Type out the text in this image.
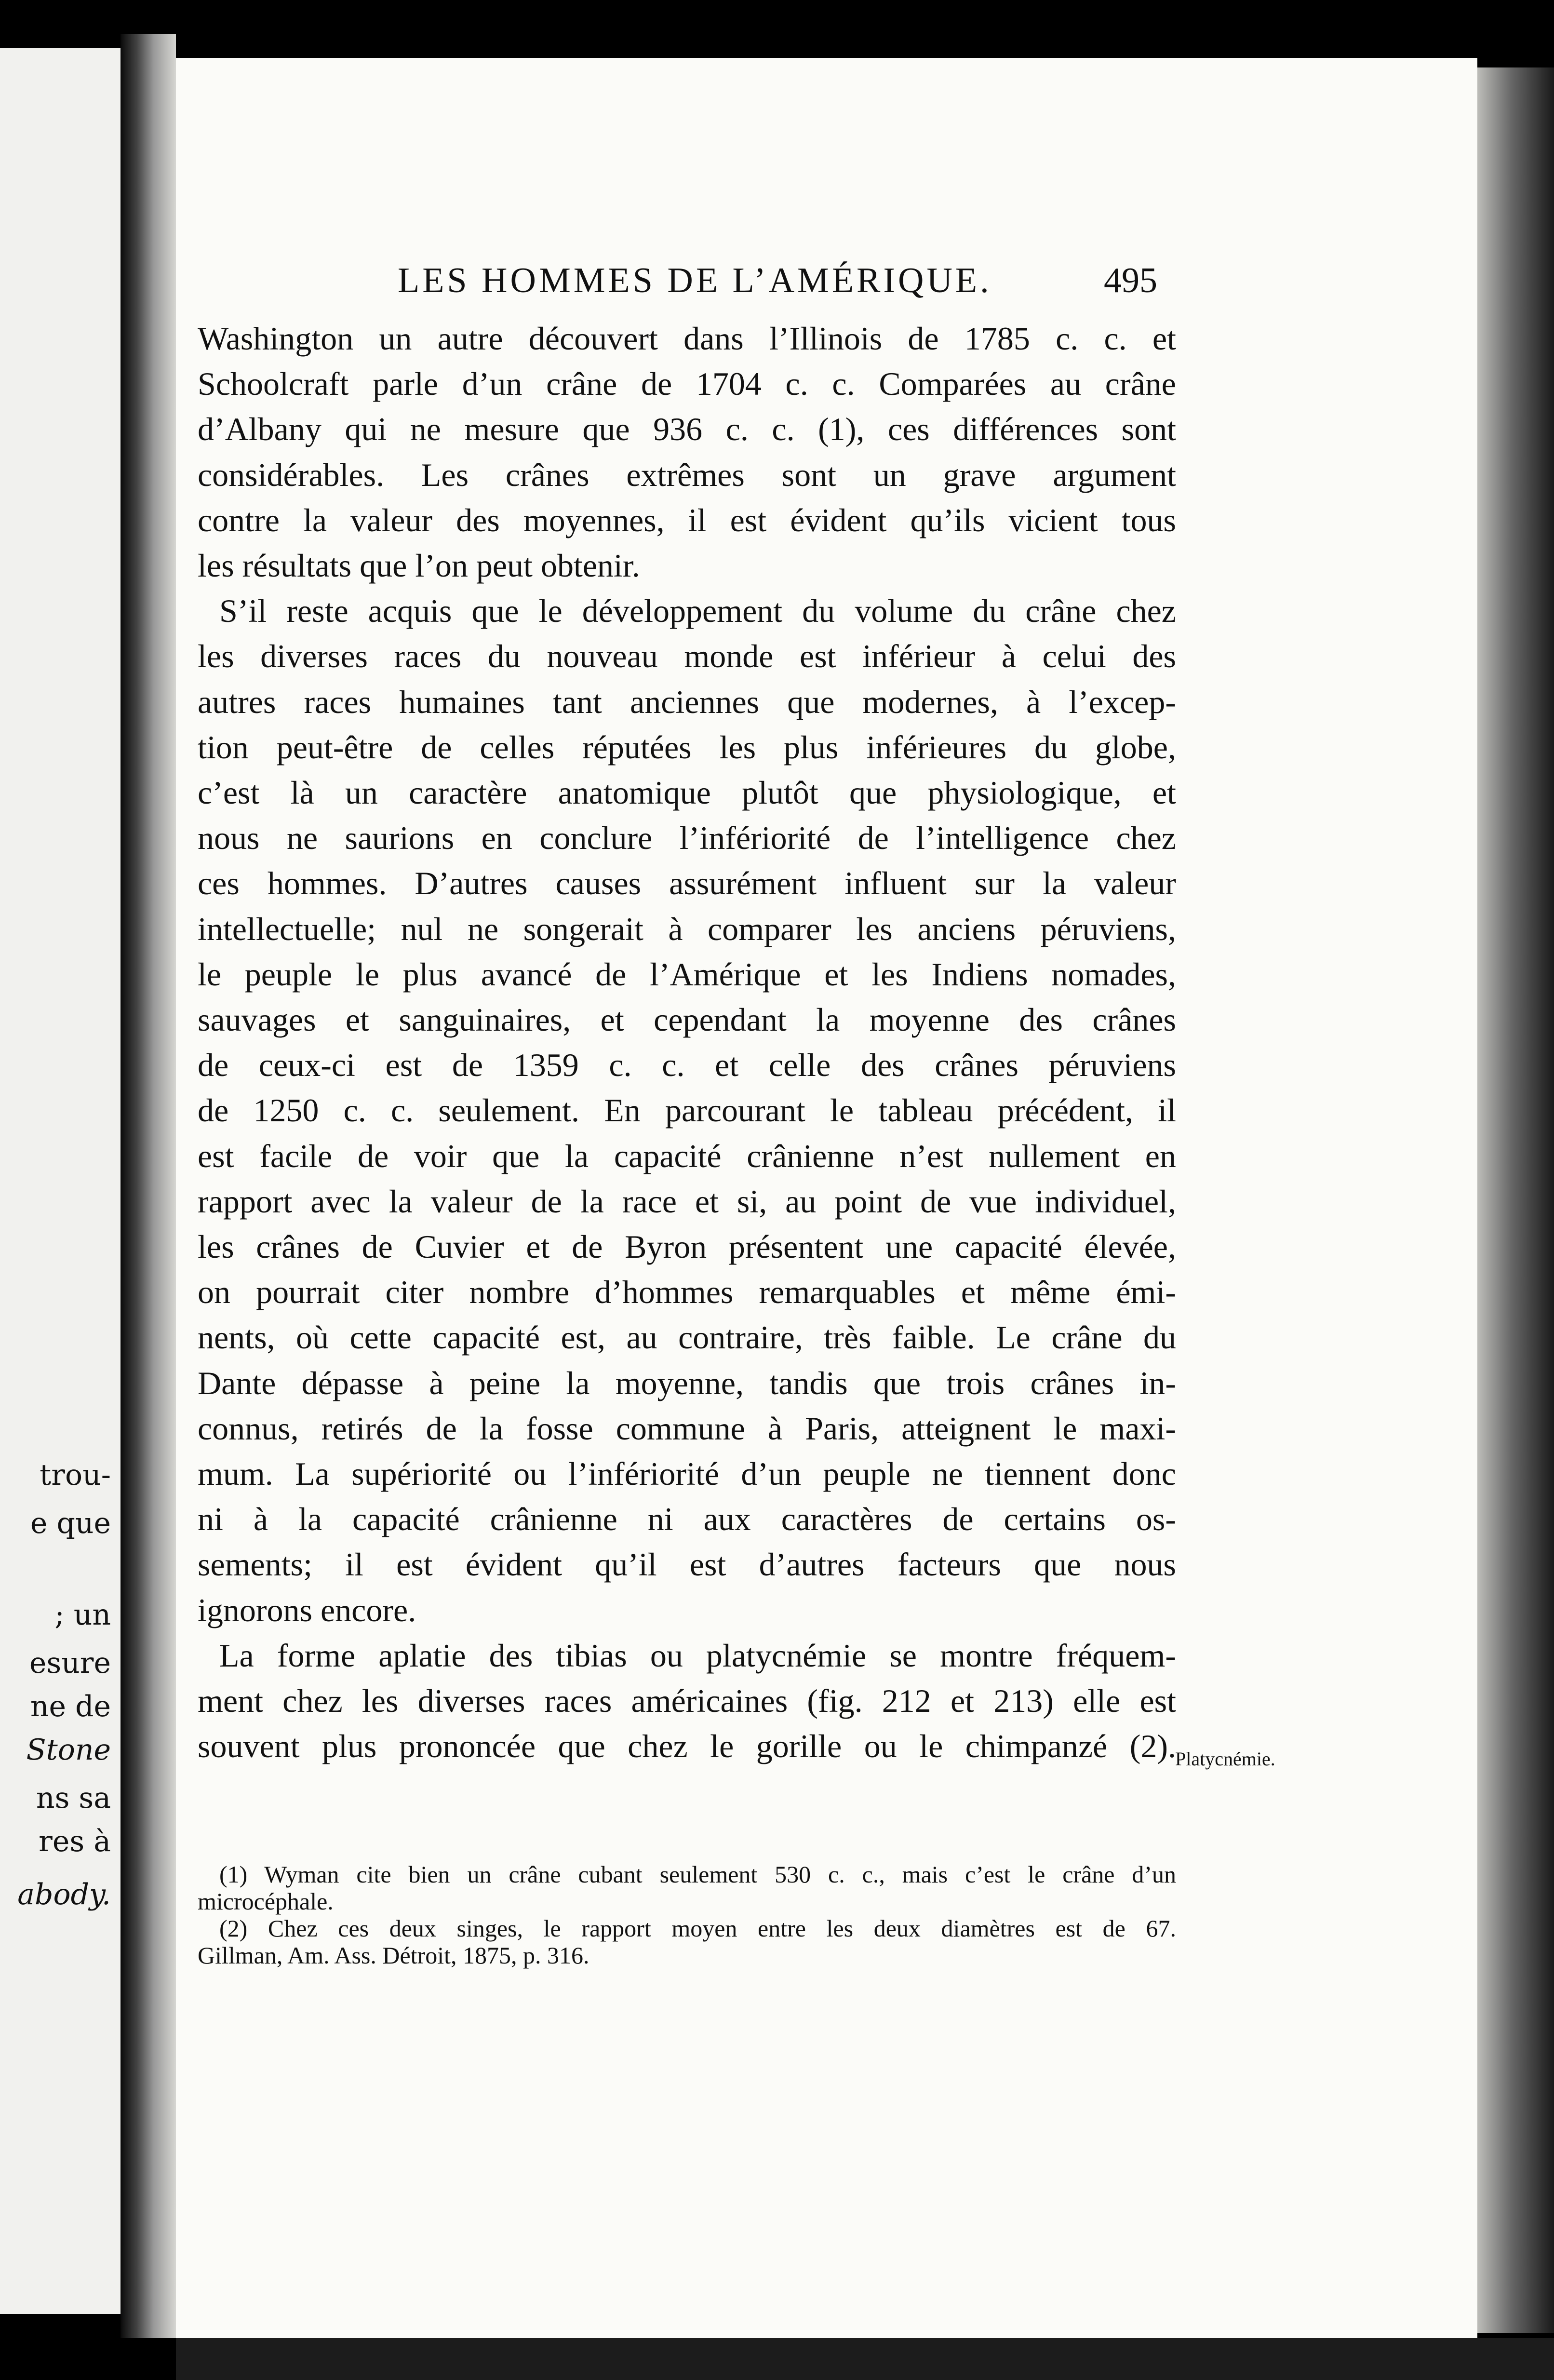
trou-
e que
; un
esure
ne de
Stone
ns sa
res à
abody.
LES HOMMES DE L’AMÉRIQUE.	495
Washington un autre découvert dans l’Illinois de 1785 c. c. et
Schoolcraft parle d’un crâne de 1704 c. c. Comparées au crâne
d’Albany qui ne mesure que 936 c. c. (1), ces différences sont
considérables. Les crânes extrêmes sont un grave argument
contre la valeur des moyennes, il est évident qu’ils vicient tous
les résultats que l’on peut obtenir.
S’il reste acquis que le développement du volume du crâne chez
les diverses races du nouveau monde est inférieur à celui des
autres races humaines tant anciennes que modernes, à l’excep-
tion peut-être de celles réputées les plus inférieures du globe,
c’est là un caractère anatomique plutôt que physiologique, et
nous ne saurions en conclure l’infériorité de l’intelligence chez
ces hommes. D’autres causes assurément influent sur la valeur
intellectuelle; nul ne songerait à comparer les anciens péruviens,
le peuple le plus avancé de l’Amérique et les Indiens nomades,
sauvages et sanguinaires, et cependant la moyenne des crânes
de ceux-ci est de 1359 c. c. et celle des crânes péruviens
de 1250 c. c. seulement. En parcourant le tableau précédent, il
est facile de voir que la capacité crânienne n’est nullement en
rapport avec la valeur de la race et si, au point de vue individuel,
les crânes de Cuvier et de Byron présentent une capacité élevée,
on pourrait citer nombre d’hommes remarquables et même émi-
nents, où cette capacité est, au contraire, très faible. Le crâne du
Dante dépasse à peine la moyenne, tandis que trois crânes in-
connus, retirés de la fosse commune à Paris, atteignent le maxi-
mum. La supériorité ou l’infériorité d’un peuple ne tiennent donc
ni à la capacité crânienne ni aux caractères de certains os-
sements; il est évident qu’il est d’autres facteurs que nous
ignorons encore.
La forme aplatie des tibias ou platycnémie se montre fréquem-
ment chez les diverses races américaines (fig. 212 et 213) elle est
souvent plus prononcée que chez le gorille ou le chimpanzé (2).
Platycnémie.
(1) Wyman cite bien un crâne cubant seulement 530 c. c., mais c’est le crâne d’un
microcéphale.
(2) Chez ces deux singes, le rapport moyen entre les deux diamètres est de 67.
Gillman, Am. Ass. Détroit, 1875, p. 316.
